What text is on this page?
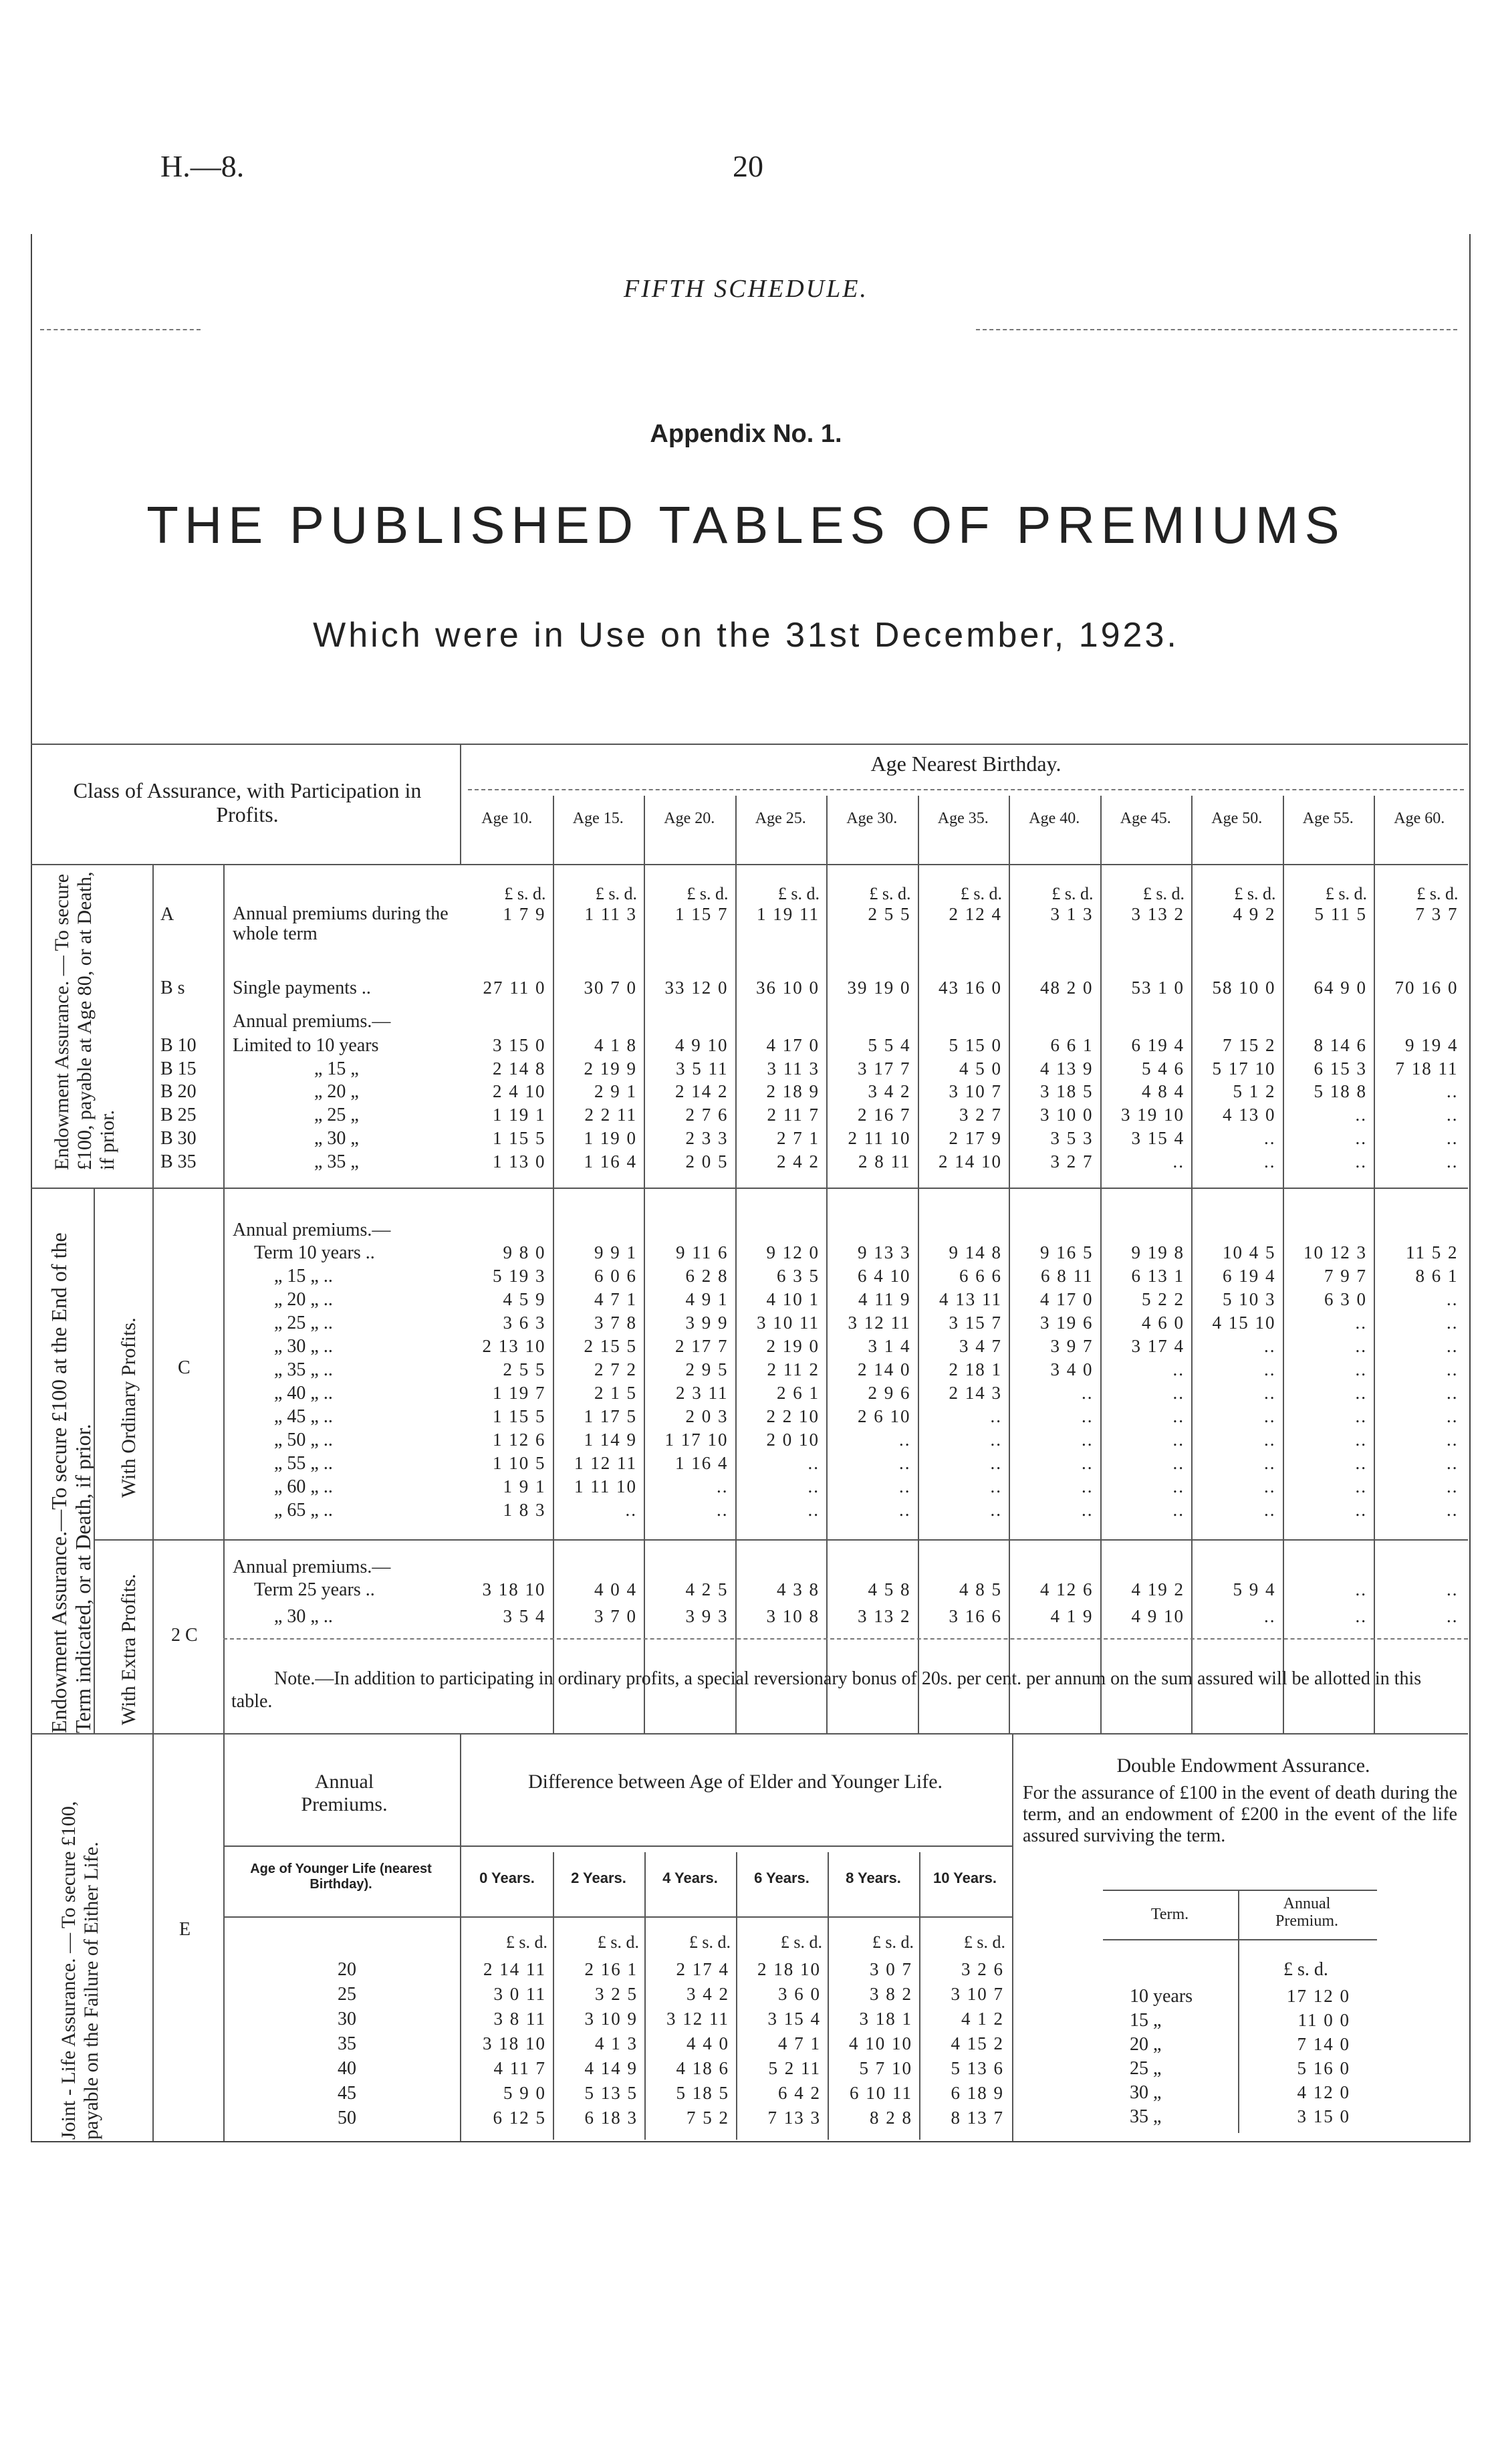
H.—8.	20
FIFTH SCHEDULE.
Appendix No. 1.
THE PUBLISHED TABLES OF PREMIUMS
Which were in Use on the 31st December, 1923.
Class of Assurance, with Participation in Profits.
Age Nearest Birthday.
Age 10.
£ s. d.
Age 15.
£ s. d.
Age 20.
£ s. d.
Age 25.
£ s. d.
Age 30.
£ s. d.
Age 35.
£ s. d.
Age 40.
£ s. d.
Age 45.
£ s. d.
Age 50.
£ s. d.
Age 55.
£ s. d.
Age 60.
£ s. d.
Endowment Assurance. — To secure £100, payable at Age 80, or at Death, if prior.
A	Annual premiums during the whole term
1 7 9	1 11 3	1 15 7	1 19 11	2 5 5	2 12 4	3 1 3	3 13 2	4 9 2	5 11 5	7 3 7
B s	Single payments ..	27 11 0	30 7 0	33 12 0	36 10 0	39 19 0	43 16 0	48 2 0	53 1 0	58 10 0	64 9 0	70 16 0
Annual premiums.—
B 10 Limited to 10 years	3 15 0	4 1 8	4 9 10	4 17 0	5 5 4	5 15 0	6 6 1	6 19 4	7 15 2	8 14 6	9 19 4
B 15	„ 15 „	2 14 8	2 19 9	3 5 11	3 11 3	3 17 7	4 5 0	4 13 9	5 4 6	5 17 10	6 15 3	7 18 11
B 20	„ 20 „	2 4 10	2 9 1	2 14 2	2 18 9	3 4 2	3 10 7	3 18 5	4 8 4	5 1 2	5 18 8	..
B 25	„ 25 „	1 19 1	2 2 11	2 7 6	2 11 7	2 16 7	3 2 7	3 10 0	3 19 10	4 13 0	..	..
B 30	„ 30 „	1 15 5	1 19 0	2 3 3	2 7 1	2 11 10	2 17 9	3 5 3	3 15 4	..	..	..
B 35	„ 35 „	1 13 0	1 16 4	2 0 5	2 4 2	2 8 11	2 14 10	3 2 7	..	..	..	..
Endowment Assurance.—To secure £100 at the End of the Term indicated, or at Death, if prior.
With Ordinary Profits. C
Annual premiums.—
Term 10 years ..	9 8 0	9 9 1	9 11 6	9 12 0	9 13 3	9 14 8	9 16 5	9 19 8	10 4 5	10 12 3	11 5 2
„ 15 „ ..	5 19 3	6 0 6	6 2 8	6 3 5	6 4 10	6 6 6	6 8 11	6 13 1	6 19 4	7 9 7	8 6 1
„ 20 „ ..	4 5 9	4 7 1	4 9 1	4 10 1	4 11 9	4 13 11	4 17 0	5 2 2	5 10 3	6 3 0	..
„ 25 „ ..	3 6 3	3 7 8	3 9 9	3 10 11	3 12 11	3 15 7	3 19 6	4 6 0	4 15 10	..	..
„ 30 „ ..	2 13 10	2 15 5	2 17 7	2 19 0	3 1 4	3 4 7	3 9 7	3 17 4	..	..	..
„ 35 „ ..	2 5 5	2 7 2	2 9 5	2 11 2	2 14 0	2 18 1	3 4 0	..	..	..	..
„ 40 „ ..	1 19 7	2 1 5	2 3 11	2 6 1	2 9 6	2 14 3	..	..	..	..	..
„ 45 „ ..	1 15 5	1 17 5	2 0 3	2 2 10	2 6 10	..	..	..	..	..	..
„ 50 „ ..	1 12 6	1 14 9	1 17 10	2 0 10	..	..	..	..	..	..	..
„ 55 „ ..	1 10 5	1 12 11	1 16 4	..	..	..	..	..	..	..	..
„ 60 „ ..	1 9 1	1 11 10	..	..	..	..	..	..	..	..	..
„ 65 „ ..	1 8 3	..	..	..	..	..	..	..	..	..	..
With Extra Profits. 2 C
Annual premiums.—
Term 25 years ..	3 18 10	4 0 4	4 2 5	4 3 8	4 5 8	4 8 5	4 12 6	4 19 2	5 9 4	..	..
„ 30 „ ..	3 5 4	3 7 0	3 9 3	3 10 8	3 13 2	3 16 6	4 1 9	4 9 10	..	..	..
Note.—In addition to participating in ordinary profits, a special reversionary bonus of 20s. per cent. per annum on the sum assured will be allotted in this table.
Joint - Life Assurance. — To secure £100, payable on the Failure of Either Life.	E
Annual Premiums.
Difference between Age of Elder and Younger Life.
Age of Younger Life (nearest Birthday).	0 Years.
£ s. d.
2 Years.
£ s. d.
4 Years.
£ s. d.
6 Years.
£ s. d.
8 Years.
£ s. d.
10 Years.
£ s. d.
20	2 14 11	2 16 1	2 17 4	2 18 10	3 0 7	3 2 6
25	3 0 11	3 2 5	3 4 2	3 6 0	3 8 2	3 10 7
30	3 8 11	3 10 9	3 12 11	3 15 4	3 18 1	4 1 2
35	3 18 10	4 1 3	4 4 0	4 7 1	4 10 10	4 15 2
40	4 11 7	4 14 9	4 18 6	5 2 11	5 7 10	5 13 6
45	5 9 0	5 13 5	5 18 5	6 4 2	6 10 11	6 18 9
50	6 12 5	6 18 3	7 5 2	7 13 3	8 2 8	8 13 7
Double Endowment Assurance.
For the assurance of £100 in the event of death during the term, and an endowment of £200 in the event of the life assured surviving the term.
Term.
Annual Premium.
£ s. d.
10 years	17 12 0
15 „	11 0 0
20 „	7 14 0
25 „	5 16 0
30 „	4 12 0
35 „	3 15 0
